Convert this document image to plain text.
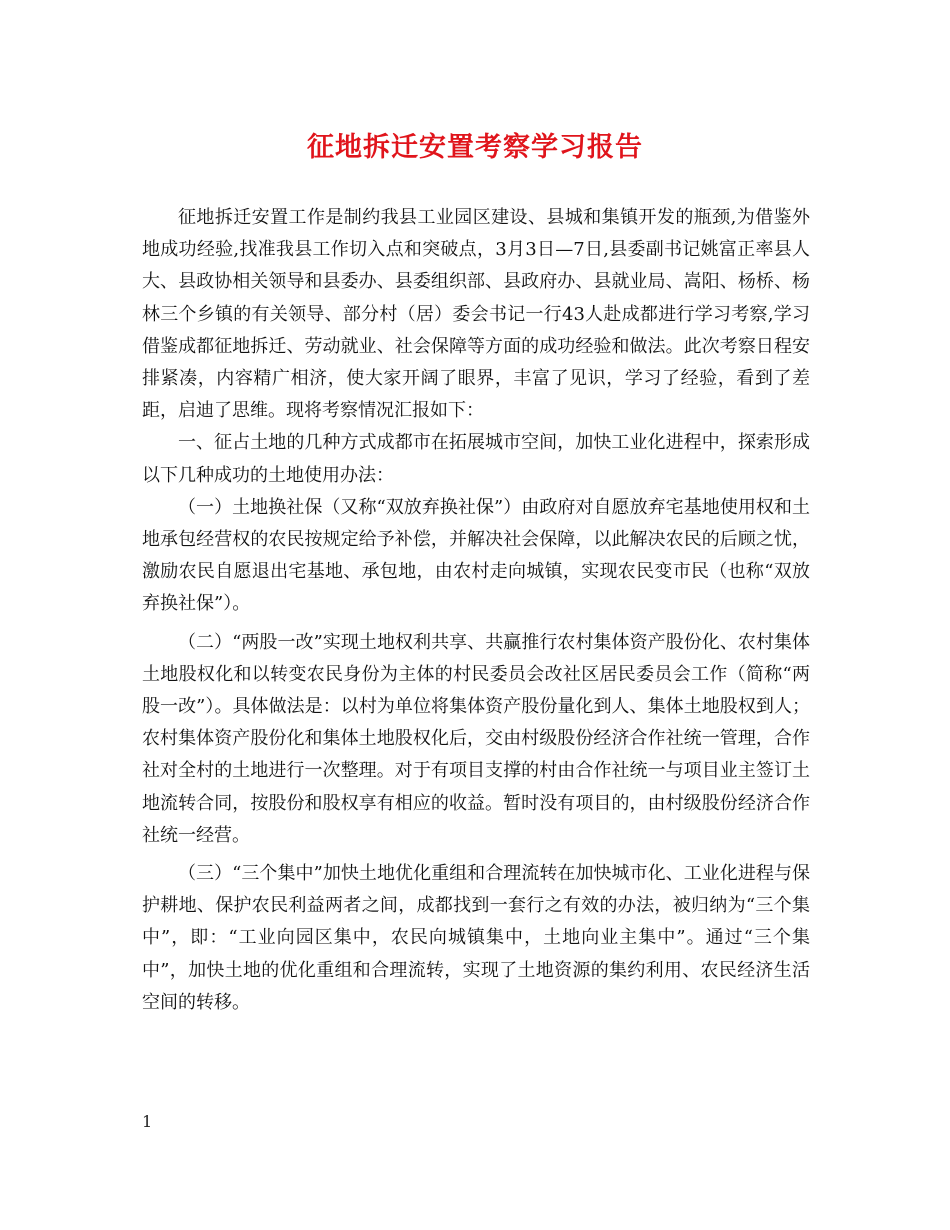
征地拆迁安置考察学习报告

征地拆迁安置工作是制约我县工业园区建设、县城和集镇开发的瓶颈,为借鉴外地成功经验,找准我县工作切入点和突破点，3月3日—7日,县委副书记姚富正率县人大、县政协相关领导和县委办、县委组织部、县政府办、县就业局、嵩阳、杨桥、杨林三个乡镇的有关领导、部分村（居）委会书记一行43人赴成都进行学习考察,学习借鉴成都征地拆迁、劳动就业、社会保障等方面的成功经验和做法。此次考察日程安排紧凑，内容精广相济，使大家开阔了眼界，丰富了见识，学习了经验，看到了差距，启迪了思维。现将考察情况汇报如下：

一、征占土地的几种方式成都市在拓展城市空间，加快工业化进程中，探索形成以下几种成功的土地使用办法：

（一）土地换社保（又称“双放弃换社保”）由政府对自愿放弃宅基地使用权和土地承包经营权的农民按规定给予补偿，并解决社会保障，以此解决农民的后顾之忧，激励农民自愿退出宅基地、承包地，由农村走向城镇，实现农民变市民（也称“双放弃换社保”）。

（二）“两股一改”实现土地权利共享、共赢推行农村集体资产股份化、农村集体土地股权化和以转变农民身份为主体的村民委员会改社区居民委员会工作（简称“两股一改”）。具体做法是：以村为单位将集体资产股份量化到人、集体土地股权到人；农村集体资产股份化和集体土地股权化后，交由村级股份经济合作社统一管理，合作社对全村的土地进行一次整理。对于有项目支撑的村由合作社统一与项目业主签订土地流转合同，按股份和股权享有相应的收益。暂时没有项目的，由村级股份经济合作社统一经营。

（三）“三个集中”加快土地优化重组和合理流转在加快城市化、工业化进程与保护耕地、保护农民利益两者之间，成都找到一套行之有效的办法，被归纳为“三个集中”，即：“工业向园区集中，农民向城镇集中，土地向业主集中”。通过“三个集中”，加快土地的优化重组和合理流转，实现了土地资源的集约利用、农民经济生活空间的转移。

1
